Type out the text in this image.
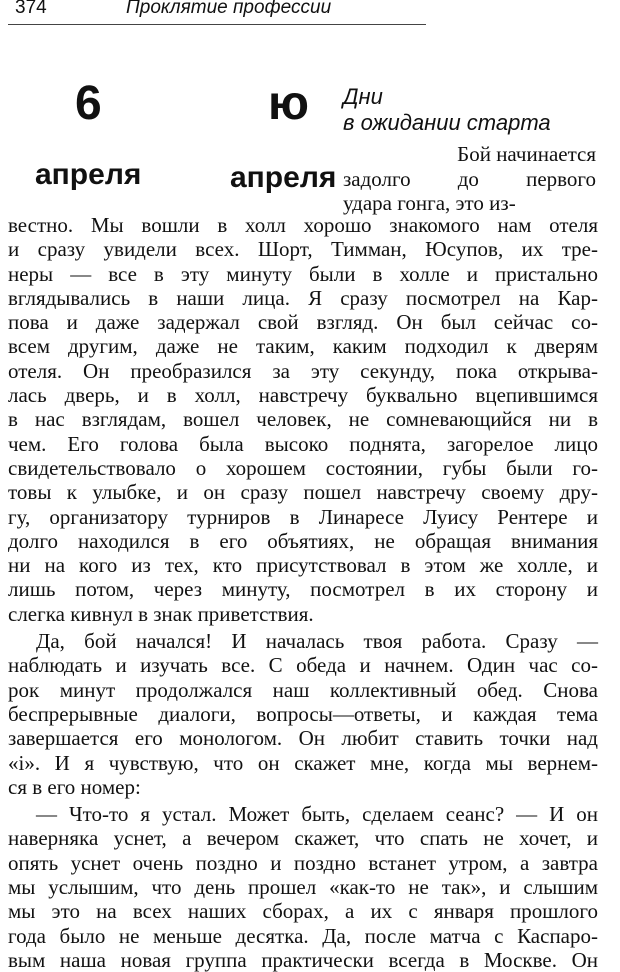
374	Проклятие профессии
6
апреля
ю
апреля
Дни
в ожидании старта
Бой начинается
задолго до первого
удара гонга, это из-
вестно. Мы вошли в холл хорошо знакомого нам отеля
и сразу увидели всех. Шорт, Тимман, Юсупов, их тре-
неры — все в эту минуту были в холле и пристально
вглядывались в наши лица. Я сразу посмотрел на Кар-
пова и даже задержал свой взгляд. Он был сейчас со-
всем другим, даже не таким, каким подходил к дверям
отеля. Он преобразился за эту секунду, пока открыва-
лась дверь, и в холл, навстречу буквально вцепившимся
в нас взглядам, вошел человек, не сомневающийся ни в
чем. Его голова была высоко поднята, загорелое лицо
свидетельствовало о хорошем состоянии, губы были го-
товы к улыбке, и он сразу пошел навстречу своему дру-
гу, организатору турниров в Линаресе Луису Рентере и
долго находился в его объятиях, не обращая внимания
ни на кого из тех, кто присутствовал в этом же холле, и
лишь потом, через минуту, посмотрел в их сторону и
слегка кивнул в знак приветствия.
Да, бой начался! И началась твоя работа. Сразу —
наблюдать и изучать все. С обеда и начнем. Один час со-
рок минут продолжался наш коллективный обед. Снова
беспрерывные диалоги, вопросы—ответы, и каждая тема
завершается его монологом. Он любит ставить точки над
«i». И я чувствую, что он скажет мне, когда мы вернем-
ся в его номер:
— Что-то я устал. Может быть, сделаем сеанс? — И он
наверняка уснет, а вечером скажет, что спать не хочет, и
опять уснет очень поздно и поздно встанет утром, а завтра
мы услышим, что день прошел «как-то не так», и слышим
мы это на всех наших сборах, а их с января прошлого
года было не меньше десятка. Да, после матча с Каспаро-
вым наша новая группа практически всегда в Москве. Он
